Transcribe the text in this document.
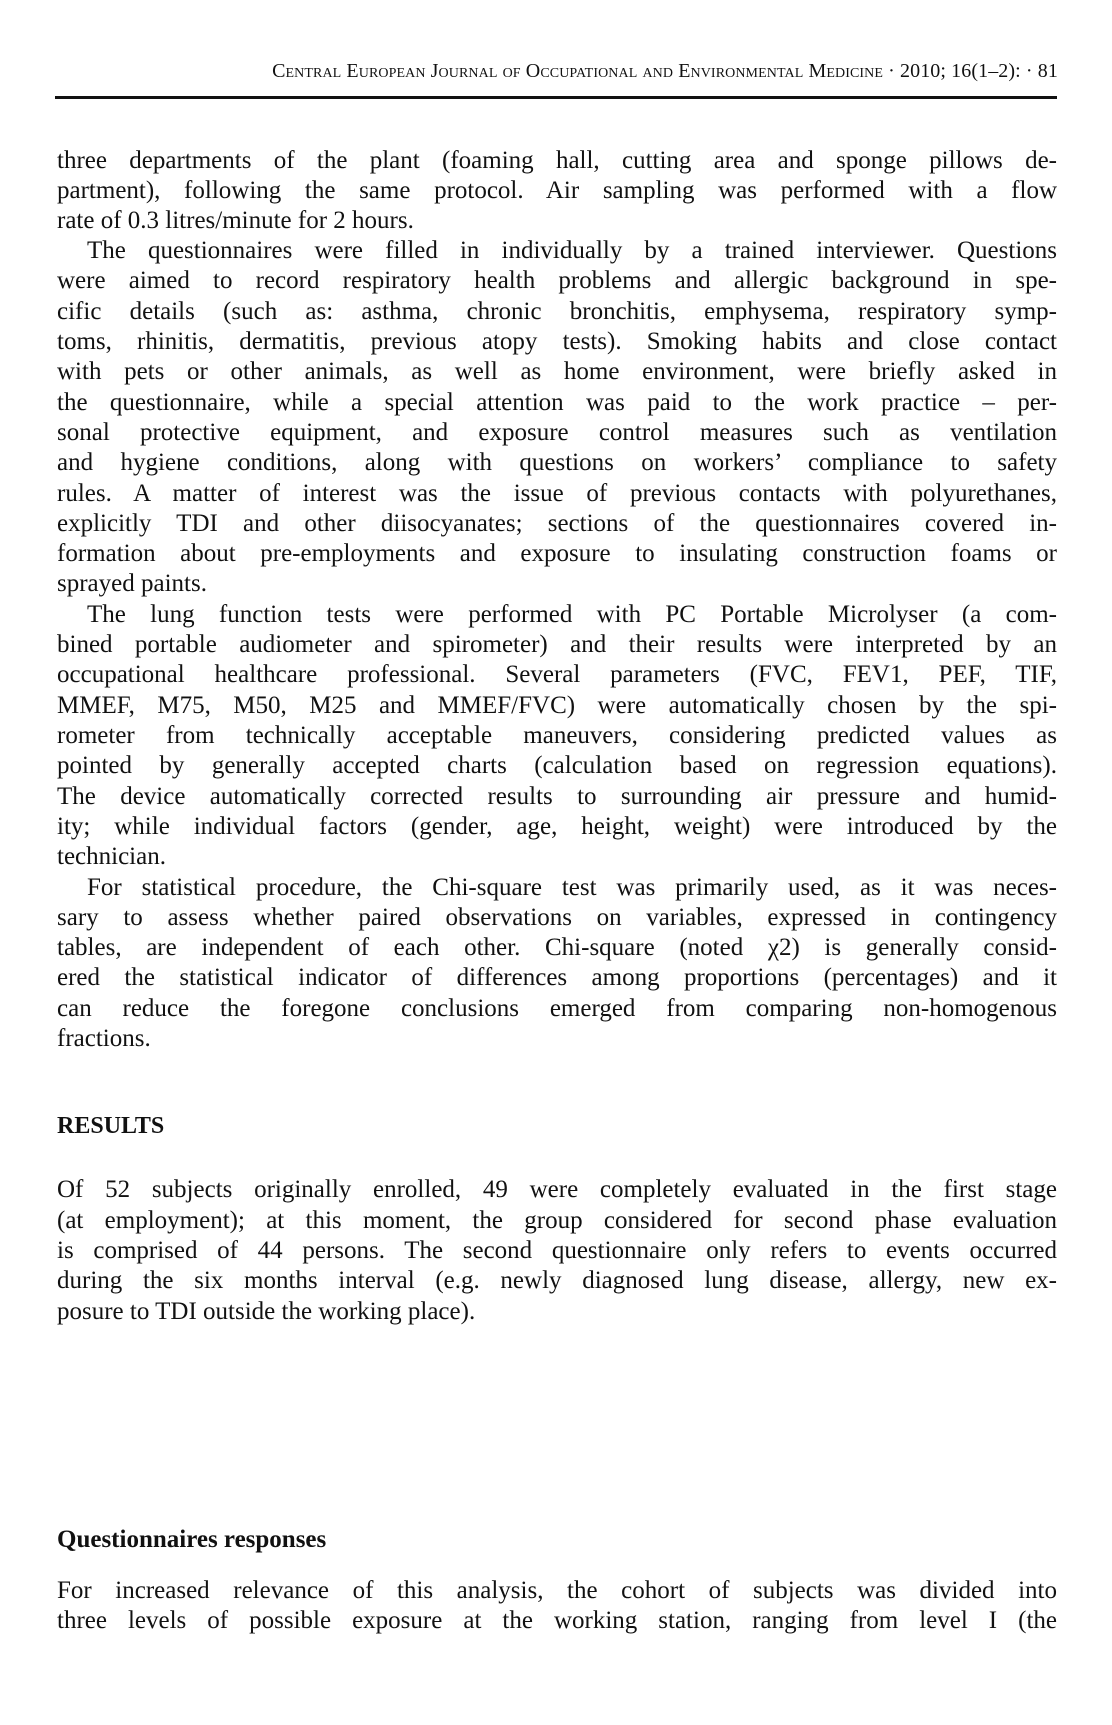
Central European Journal of Occupational and Environmental Medicine · 2010; 16(1–2): · 81
three departments of the plant (foaming hall, cutting area and sponge pillows de-
partment), following the same protocol. Air sampling was performed with a flow
rate of 0.3 litres/minute for 2 hours.
The questionnaires were filled in individually by a trained interviewer. Questions
were aimed to record respiratory health problems and allergic background in spe-
cific details (such as: asthma, chronic bronchitis, emphysema, respiratory symp-
toms, rhinitis, dermatitis, previous atopy tests). Smoking habits and close contact
with pets or other animals, as well as home environment, were briefly asked in
the questionnaire, while a special attention was paid to the work practice – per-
sonal protective equipment, and exposure control measures such as ventilation
and hygiene conditions, along with questions on workers’ compliance to safety
rules. A matter of interest was the issue of previous contacts with polyurethanes,
explicitly TDI and other diisocyanates; sections of the questionnaires covered in-
formation about pre-employments and exposure to insulating construction foams or
sprayed paints.
The lung function tests were performed with PC Portable Microlyser (a com-
bined portable audiometer and spirometer) and their results were interpreted by an
occupational healthcare professional. Several parameters (FVC, FEV1, PEF, TIF,
MMEF, M75, M50, M25 and MMEF/FVC) were automatically chosen by the spi-
rometer from technically acceptable maneuvers, considering predicted values as
pointed by generally accepted charts (calculation based on regression equations).
The device automatically corrected results to surrounding air pressure and humid-
ity; while individual factors (gender, age, height, weight) were introduced by the
technician.
For statistical procedure, the Chi-square test was primarily used, as it was neces-
sary to assess whether paired observations on variables, expressed in contingency
tables, are independent of each other. Chi-square (noted χ2) is generally consid-
ered the statistical indicator of differences among proportions (percentages) and it
can reduce the foregone conclusions emerged from comparing non-homogenous
fractions.
RESULTS
Of 52 subjects originally enrolled, 49 were completely evaluated in the first stage
(at employment); at this moment, the group considered for second phase evaluation
is comprised of 44 persons. The second questionnaire only refers to events occurred
during the six months interval (e.g. newly diagnosed lung disease, allergy, new ex-
posure to TDI outside the working place).
Questionnaires responses
For increased relevance of this analysis, the cohort of subjects was divided into
three levels of possible exposure at the working station, ranging from level I (the
